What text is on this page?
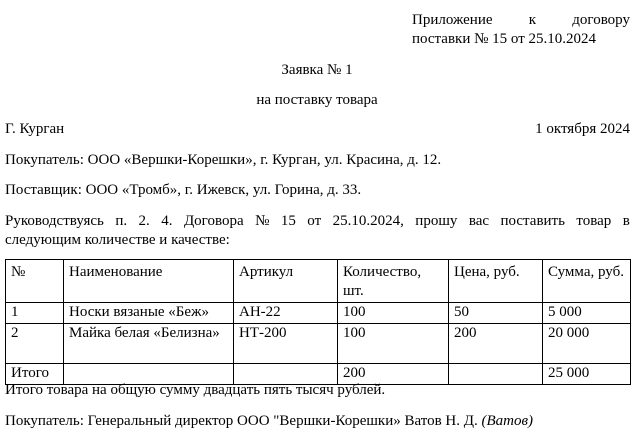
Приложение к договору
поставки № 15 от 25.10.2024
Заявка № 1
на поставку товара
Г. Курган	1 октября 2024
Покупатель: ООО «Вершки-Корешки», г. Курган, ул. Красина, д. 12.
Поставщик: ООО «Тромб», г. Ижевск, ул. Горина, д. 33.
Руководствуясь п. 2. 4. Договора № 15 от 25.10.2024, прошу вас поставить товар в
следующим количестве и качестве:
№	Наименование	Артикул	Количество, шт.	Цена, руб.	Сумма, руб.
1	Носки вязаные «Беж»	АН-22	100	50	5 000
2	Майка белая «Белизна»	НТ-200	100	200	20 000
Итого			200		25 000
Итого товара на общую сумму двадцать пять тысяч рублей.
Покупатель: Генеральный директор ООО "Вершки-Корешки» Ватов Н. Д. (Ватов)
